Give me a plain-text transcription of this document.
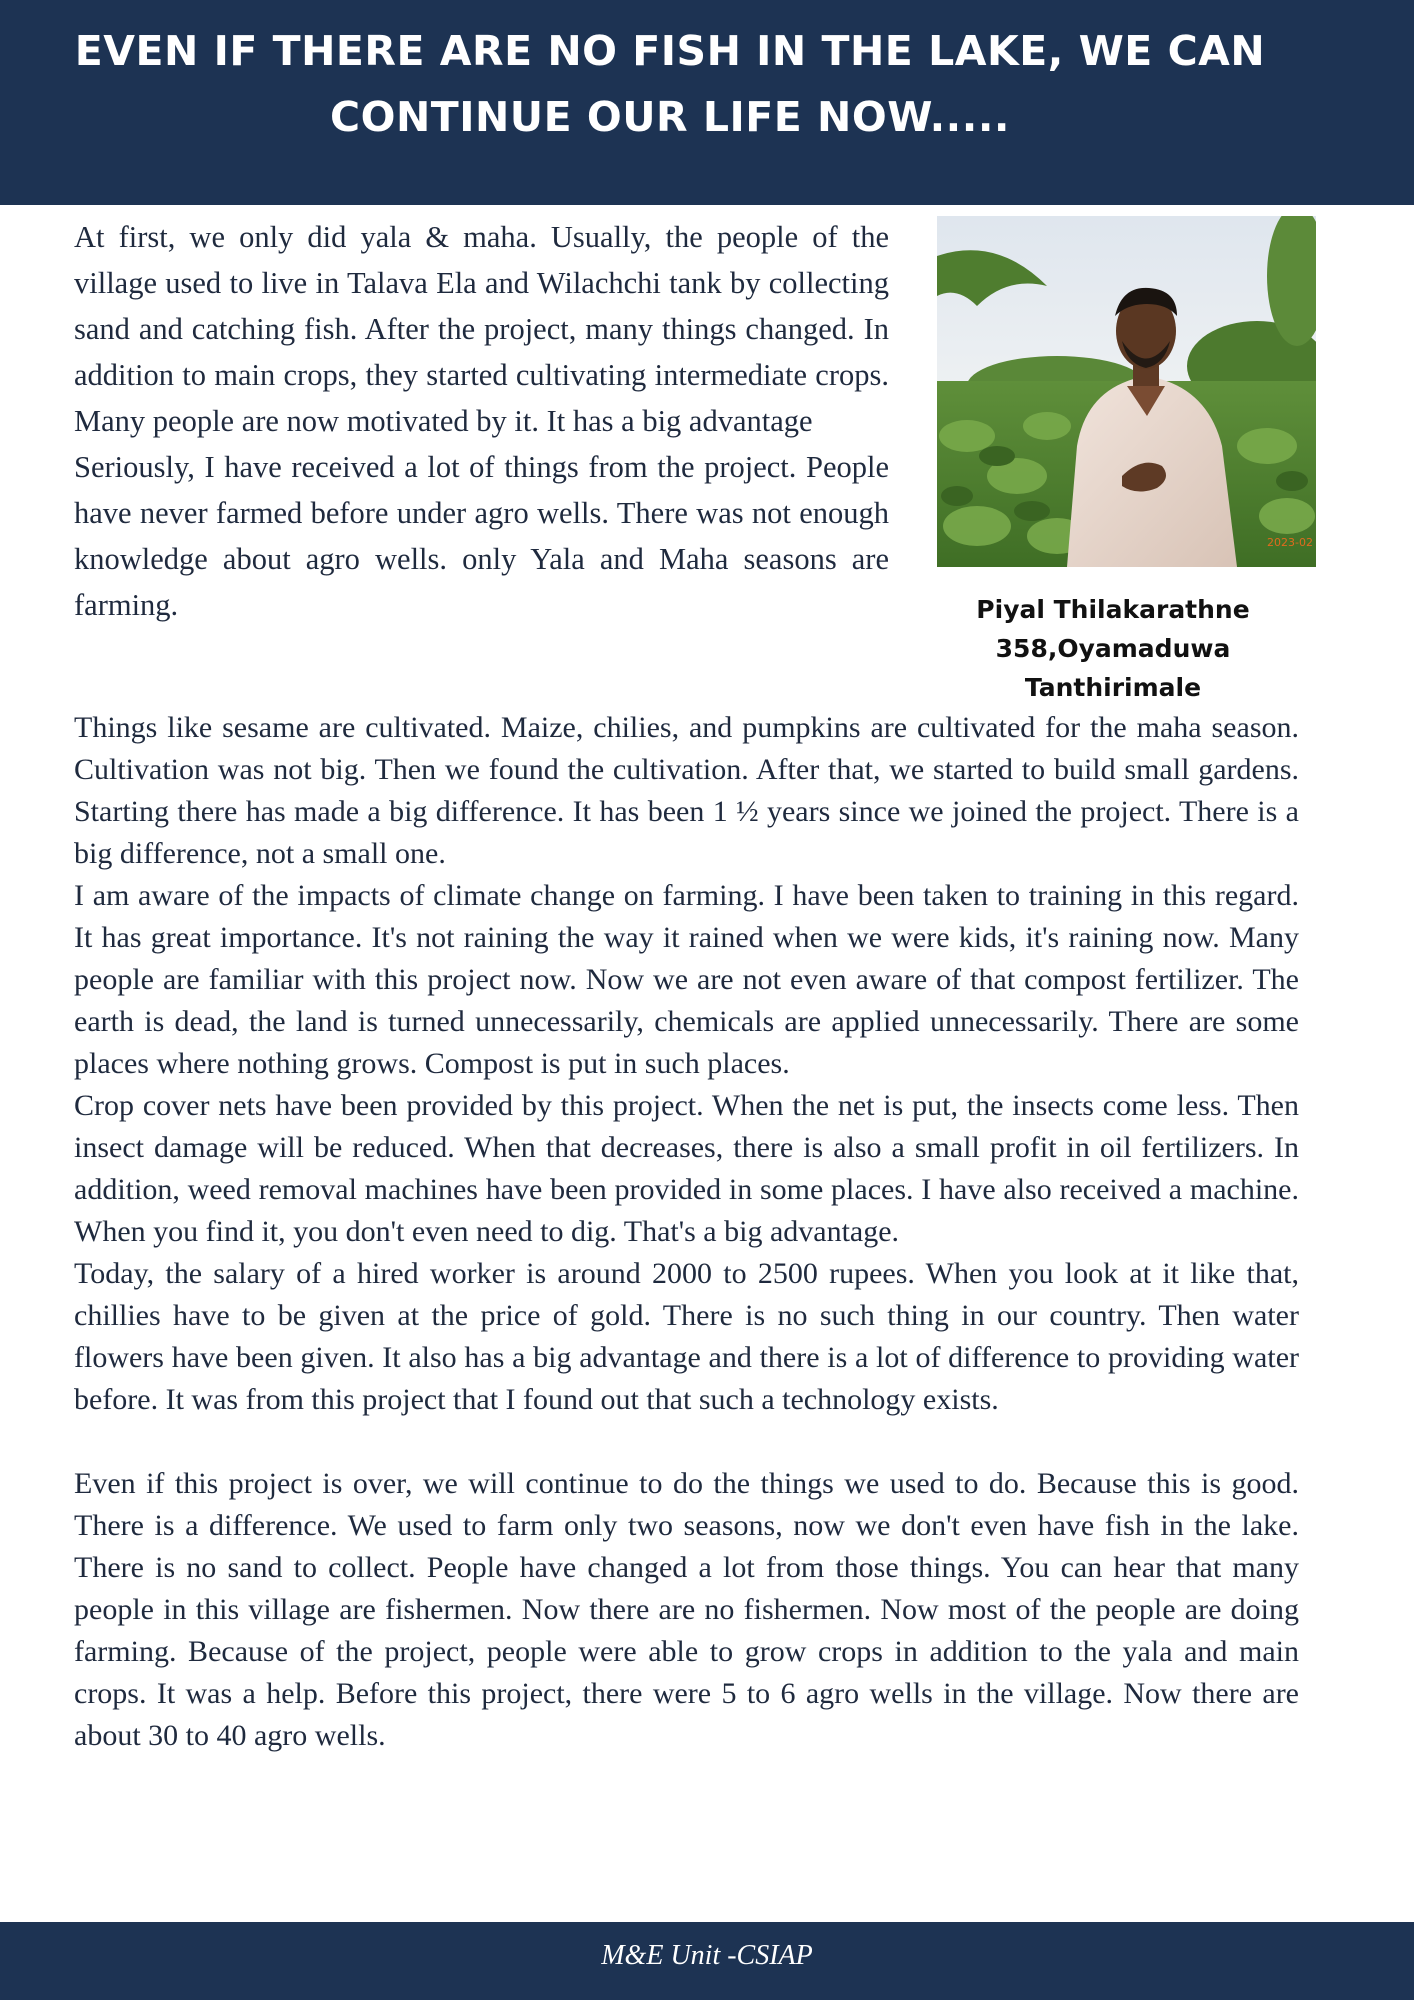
EVEN IF THERE ARE NO FISH IN THE LAKE, WE CAN CONTINUE OUR LIFE NOW.....

At first, we only did yala & maha. Usually, the people of the village used to live in Talava Ela and Wilachchi tank by collecting sand and catching fish. After the project, many things changed. In addition to main crops, they started cultivating intermediate crops. Many people are now motivated by it. It has a big advantage

Seriously, I have received a lot of things from the project. People have never farmed before under agro wells. There was not enough knowledge about agro wells. only Yala and Maha seasons are farming.

2023-02
Piyal Thilakarathne
358,Oyamaduwa
Tanthirimale

Things like sesame are cultivated. Maize, chilies, and pumpkins are cultivated for the maha season. Cultivation was not big. Then we found the cultivation. After that, we started to build small gardens. Starting there has made a big difference. It has been 1 ½ years since we joined the project. There is a big difference, not a small one.

I am aware of the impacts of climate change on farming. I have been taken to training in this regard. It has great importance. It's not raining the way it rained when we were kids, it's raining now. Many people are familiar with this project now. Now we are not even aware of that compost fertilizer. The earth is dead, the land is turned unnecessarily, chemicals are applied unnecessarily. There are some places where nothing grows. Compost is put in such places.

Crop cover nets have been provided by this project. When the net is put, the insects come less. Then insect damage will be reduced. When that decreases, there is also a small profit in oil fertilizers. In addition, weed removal machines have been provided in some places. I have also received a machine. When you find it, you don't even need to dig. That's a big advantage.

Today, the salary of a hired worker is around 2000 to 2500 rupees. When you look at it like that, chillies have to be given at the price of gold. There is no such thing in our country. Then water flowers have been given. It also has a big advantage and there is a lot of difference to providing water before. It was from this project that I found out that such a technology exists.

Even if this project is over, we will continue to do the things we used to do. Because this is good. There is a difference. We used to farm only two seasons, now we don't even have fish in the lake. There is no sand to collect. People have changed a lot from those things. You can hear that many people in this village are fishermen. Now there are no fishermen. Now most of the people are doing farming. Because of the project, people were able to grow crops in addition to the yala and main crops. It was a help. Before this project, there were 5 to 6 agro wells in the village. Now there are about 30 to 40 agro wells.

M&E Unit -CSIAP
